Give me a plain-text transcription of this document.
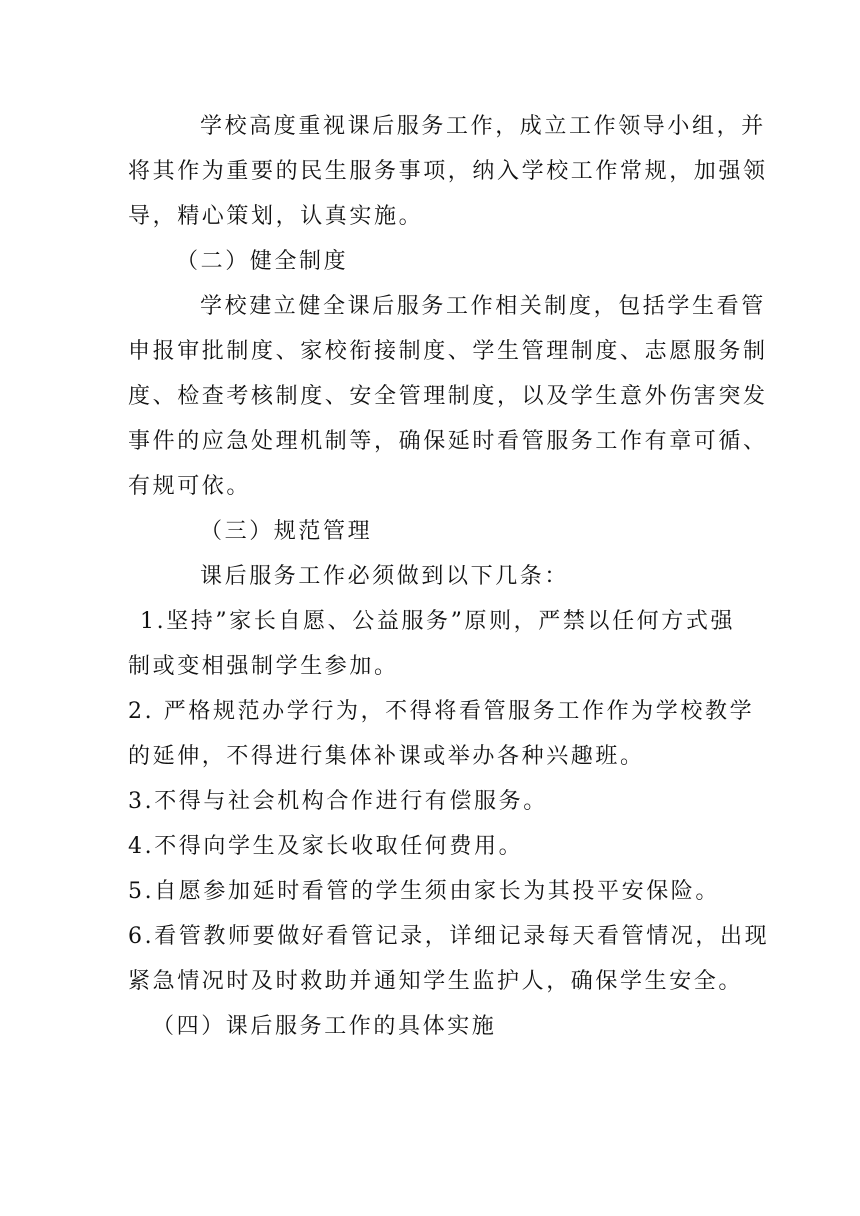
学校高度重视课后服务工作，成立工作领导小组，并
将其作为重要的民生服务事项，纳入学校工作常规，加强领
导，精心策划，认真实施。
（二）健全制度
学校建立健全课后服务工作相关制度，包括学生看管
申报审批制度、家校衔接制度、学生管理制度、志愿服务制
度、检查考核制度、安全管理制度，以及学生意外伤害突发
事件的应急处理机制等，确保延时看管服务工作有章可循、
有规可依。
（三）规范管理
课后服务工作必须做到以下几条：
1.坚持”家长自愿、公益服务”原则，严禁以任何方式强
制或变相强制学生参加。
2. 严格规范办学行为，不得将看管服务工作作为学校教学
的延伸，不得进行集体补课或举办各种兴趣班。
3.不得与社会机构合作进行有偿服务。
4.不得向学生及家长收取任何费用。
5.自愿参加延时看管的学生须由家长为其投平安保险。
6.看管教师要做好看管记录，详细记录每天看管情况，出现
紧急情况时及时救助并通知学生监护人，确保学生安全。
（四）课后服务工作的具体实施
